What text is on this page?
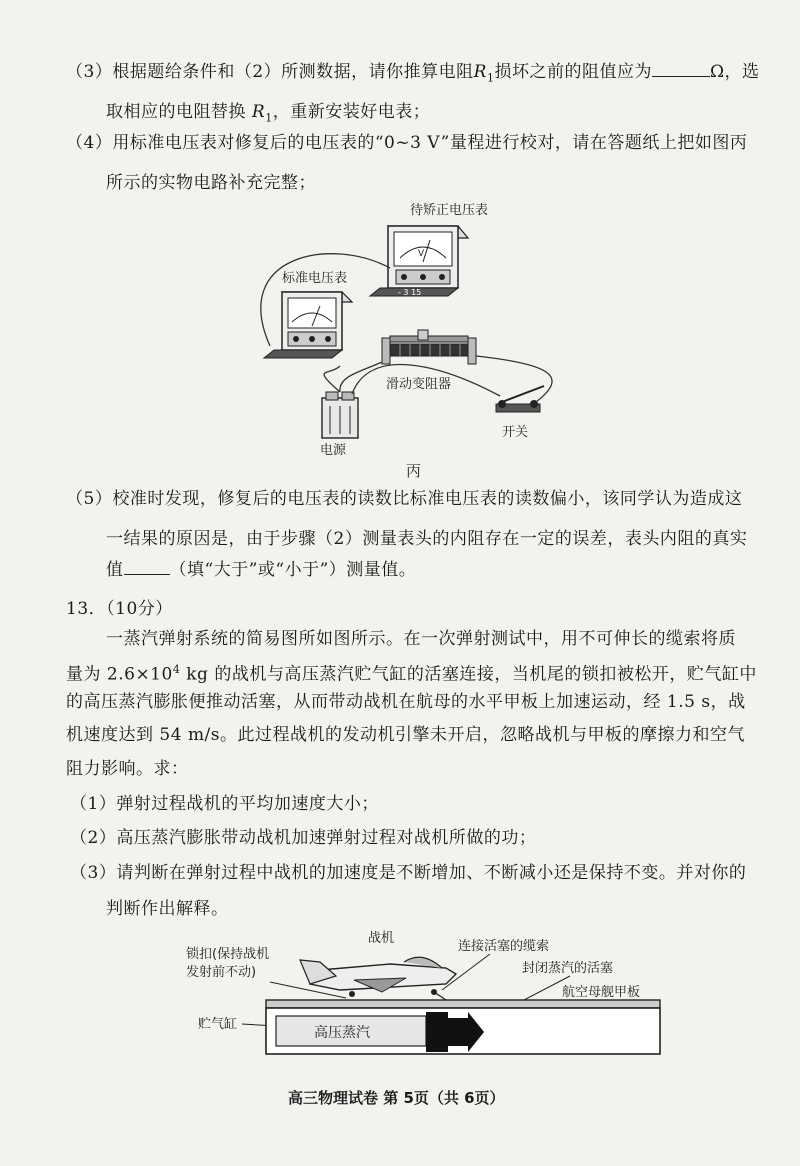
（3）根据题给条件和（2）所测数据，请你推算电阻$R_1$损坏之前的阻值应为	Ω，选
取相应的电阻替换 $R_1$，重新安装好电表；
（4）用标准电压表对修复后的电压表的“0~3 V”量程进行校对，请在答题纸上把如图丙
所示的实物电路补充完整；
待矫正电压表
V
- 3 15
标准电压表
滑动变阻器
电源
开关
丙
（5）校准时发现，修复后的电压表的读数比标准电压表的读数偏小，该同学认为造成这
一结果的原因是，由于步骤（2）测量表头的内阻存在一定的误差，表头内阻的真实
值	（填“大于”或“小于”）测量值。
13．（10分）
一蒸汽弹射系统的简易图所如图所示。在一次弹射测试中，用不可伸长的缆索将质
量为 $2.6\times 10^4$ kg 的战机与高压蒸汽贮气缸的活塞连接，当机尾的锁扣被松开，贮气缸中
的高压蒸汽膨胀便推动活塞，从而带动战机在航母的水平甲板上加速运动，经 1.5 s，战
机速度达到 54 m/s。此过程战机的发动机引擎未开启，忽略战机与甲板的摩擦力和空气
阻力影响。求：
（1）弹射过程战机的平均加速度大小；
（2）高压蒸汽膨胀带动战机加速弹射过程对战机所做的功；
（3）请判断在弹射过程中战机的加速度是不断增加、不断减小还是保持不变。并对你的
判断作出解释。
战机
锁扣(保持战机
发射前不动)
连接活塞的缆索
封闭蒸汽的活塞
航空母舰甲板
贮气缸
高压蒸汽
高三物理试卷 第 5页（共 6页）
